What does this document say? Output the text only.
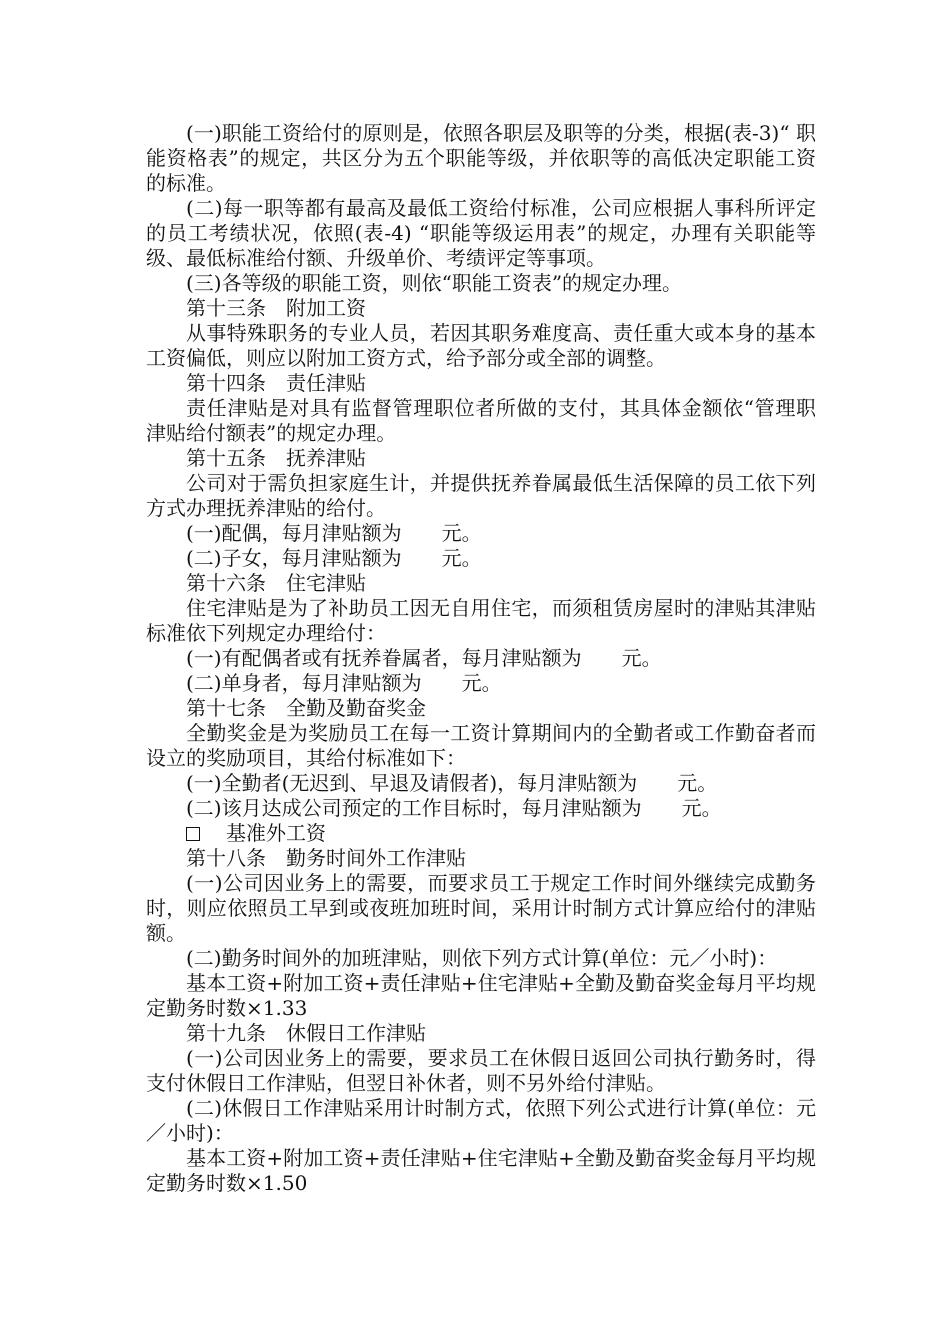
(一)职能工资给付的原则是，依照各职层及职等的分类，根据(表-3)“ 职能资格表”的规定，共区分为五个职能等级，并依职等的高低决定职能工资的标准。

(二)每一职等都有最高及最低工资给付标准，公司应根据人事科所评定的员工考绩状况，依照(表-4) “职能等级运用表”的规定，办理有关职能等级、最低标准给付额、升级单价、考绩评定等事项。

(三)各等级的职能工资，则依“职能工资表”的规定办理。

第十三条　附加工资

从事特殊职务的专业人员，若因其职务难度高、责任重大或本身的基本工资偏低，则应以附加工资方式，给予部分或全部的调整。

第十四条　责任津贴

责任津贴是对具有监督管理职位者所做的支付，其具体金额依“管理职津贴给付额表”的规定办理。

第十五条　抚养津贴

公司对于需负担家庭生计，并提供抚养眷属最低生活保障的员工依下列方式办理抚养津贴的给付。

(一)配偶，每月津贴额为　　元。

(二)子女，每月津贴额为　　元。

第十六条　住宅津贴

住宅津贴是为了补助员工因无自用住宅，而须租赁房屋时的津贴其津贴标准依下列规定办理给付：

(一)有配偶者或有抚养眷属者，每月津贴额为　　元。

(二)单身者，每月津贴额为　　元。

第十七条　全勤及勤奋奖金

全勤奖金是为奖励员工在每一工资计算期间内的全勤者或工作勤奋者而设立的奖励项目，其给付标准如下：

(一)全勤者(无迟到、早退及请假者)，每月津贴额为　　元。

(二)该月达成公司预定的工作目标时，每月津贴额为　　元。

基准外工资

第十八条　勤务时间外工作津贴

(一)公司因业务上的需要，而要求员工于规定工作时间外继续完成勤务时，则应依照员工早到或夜班加班时间，采用计时制方式计算应给付的津贴额。

(二)勤务时间外的加班津贴，则依下列方式计算(单位：元／小时)：

基本工资+附加工资+责任津贴+住宅津贴+全勤及勤奋奖金每月平均规定勤务时数×1.33

第十九条　休假日工作津贴

(一)公司因业务上的需要，要求员工在休假日返回公司执行勤务时，得支付休假日工作津贴，但翌日补休者，则不另外给付津贴。

(二)休假日工作津贴采用计时制方式，依照下列公式进行计算(单位：元／小时)：

基本工资+附加工资+责任津贴+住宅津贴+全勤及勤奋奖金每月平均规定勤务时数×1.50
